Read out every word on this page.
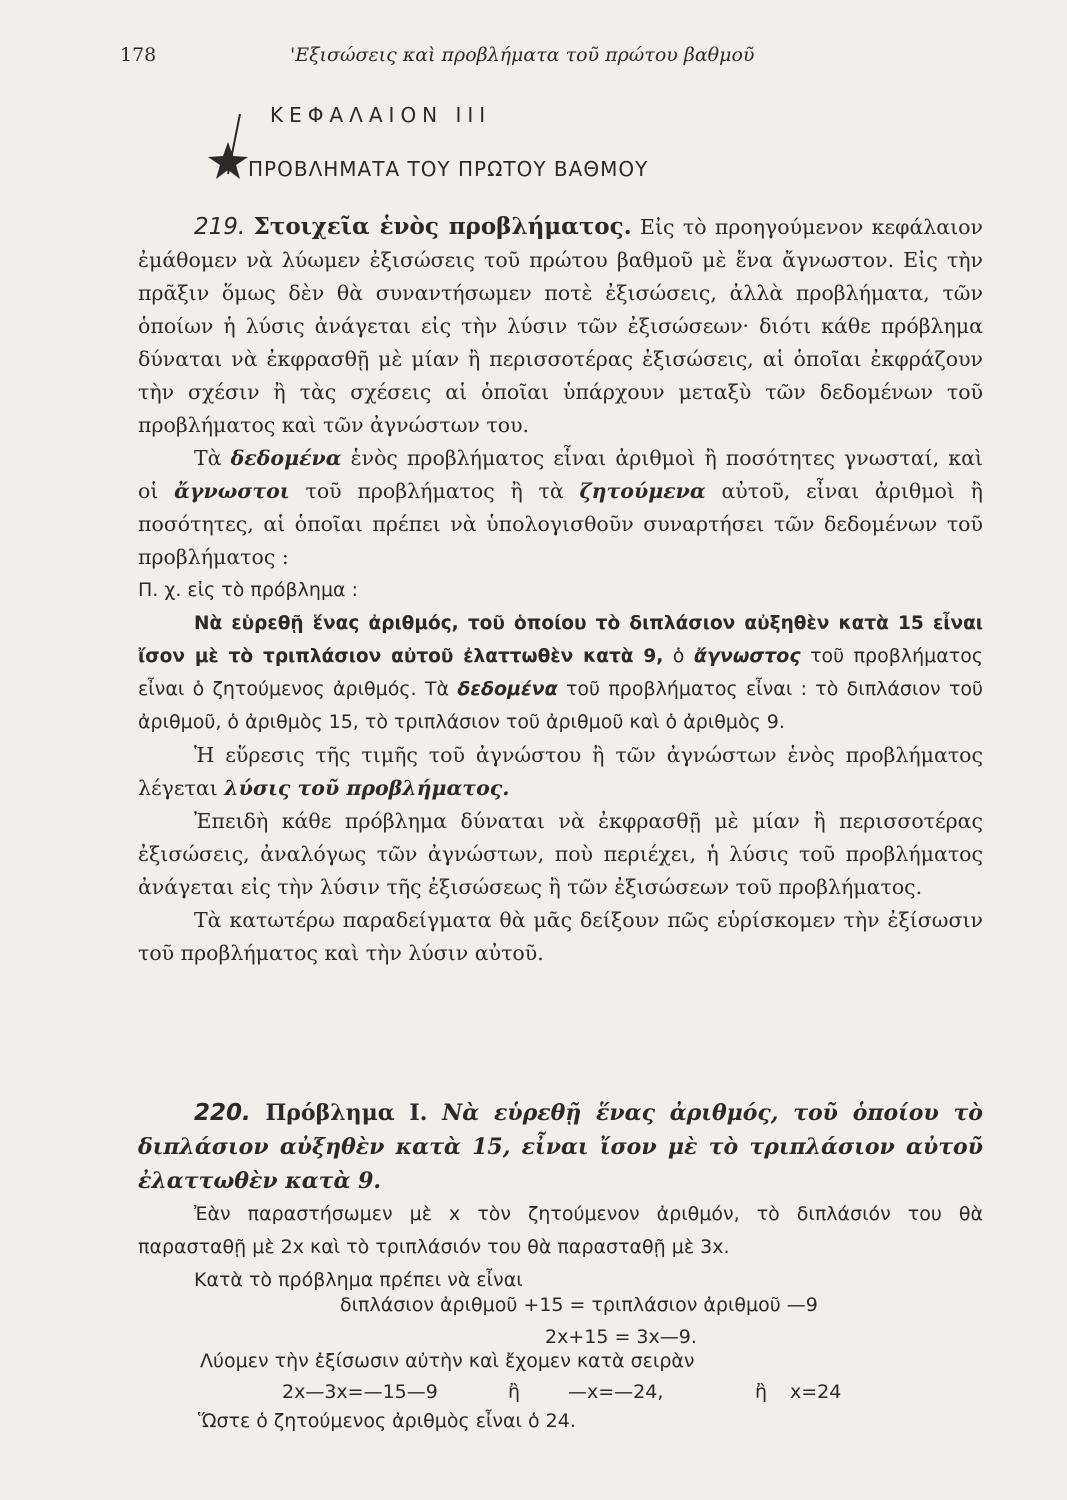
178	'Εξισώσεις καὶ προβλήματα τοῦ πρώτου βαθμοῦ
ΚΕΦΑΛΑΙΟΝ ΙΙΙ
ΠΡΟΒΛΗΜΑΤΑ ΤΟΥ ΠΡΩΤΟΥ ΒΑΘΜΟΥ

219. Στοιχεῖα ἑνὸς προβλήματος. Εἰς τὸ προηγούμενον κεφάλαιον ἐμάθομεν νὰ λύωμεν ἐξισώσεις τοῦ πρώτου βαθμοῦ μὲ ἕνα ἄγνωστον. Εἰς τὴν πρᾶξιν ὅμως δὲν θὰ συναντήσωμεν ποτὲ ἐξισώσεις, ἀλλὰ προβλήματα, τῶν ὁποίων ἡ λύσις ἀνάγεται εἰς τὴν λύσιν τῶν ἐξισώσεων· διότι κάθε πρόβλημα δύναται νὰ ἐκφρασθῇ μὲ μίαν ἢ περισσοτέρας ἐξισώσεις, αἱ ὁποῖαι ἐκφράζουν τὴν σχέσιν ἢ τὰς σχέσεις αἱ ὁποῖαι ὑπάρχουν μεταξὺ τῶν δεδομένων τοῦ προβλήματος καὶ τῶν ἀγνώστων του.

Τὰ δεδομένα ἑνὸς προβλήματος εἶναι ἀριθμοὶ ἢ ποσότητες γνωσταί, καὶ οἱ ἄγνωστοι τοῦ προβλήματος ἢ τὰ ζητούμενα αὐτοῦ, εἶναι ἀριθμοὶ ἢ ποσότητες, αἱ ὁποῖαι πρέπει νὰ ὑπολογισθοῦν συναρτήσει τῶν δεδομένων τοῦ προβλήματος :

Π. χ. εἰς τὸ πρόβλημα :

Νὰ εὑρεθῇ ἕνας ἀριθμός, τοῦ ὁποίου τὸ διπλάσιον αὐξηθὲν κατὰ 15 εἶναι ἴσον μὲ τὸ τριπλάσιον αὐτοῦ ἐλαττωθὲν κατὰ 9, ὁ ἄγνωστος τοῦ προβλήματος εἶναι ὁ ζητούμενος ἀριθμός. Τὰ δεδομένα τοῦ προβλήματος εἶναι : τὸ διπλάσιον τοῦ ἀριθμοῦ, ὁ ἀριθμὸς 15, τὸ τριπλάσιον τοῦ ἀριθμοῦ καὶ ὁ ἀριθμὸς 9.

Ἡ εὕρεσις τῆς τιμῆς τοῦ ἀγνώστου ἢ τῶν ἀγνώστων ἑνὸς προβλήματος λέγεται λύσις τοῦ προβλήματος.

Ἐπειδὴ κάθε πρόβλημα δύναται νὰ ἐκφρασθῇ μὲ μίαν ἢ περισσοτέρας ἐξισώσεις, ἀναλόγως τῶν ἀγνώστων, ποὺ περιέχει, ἡ λύσις τοῦ προβλήματος ἀνάγεται εἰς τὴν λύσιν τῆς ἐξισώσεως ἢ τῶν ἐξισώσεων τοῦ προβλήματος.

Τὰ κατωτέρω παραδείγματα θὰ μᾶς δείξουν πῶς εὑρίσκομεν τὴν ἐξίσωσιν τοῦ προβλήματος καὶ τὴν λύσιν αὐτοῦ.

220. Πρόβλημα Ι. Νὰ εὑρεθῇ ἕνας ἀριθμός, τοῦ ὁποίου τὸ διπλάσιον αὐξηθὲν κατὰ 15, εἶναι ἴσον μὲ τὸ τριπλάσιον αὐτοῦ ἐλαττωθὲν κατὰ 9.

Ἐὰν παραστήσωμεν μὲ x τὸν ζητούμενον ἀριθμόν, τὸ διπλάσιόν του θὰ παρασταθῇ μὲ 2x καὶ τὸ τριπλάσιόν του θὰ παρασταθῇ μὲ 3x.

Κατὰ τὸ πρόβλημα πρέπει νὰ εἶναι

διπλάσιον ἀριθμοῦ +15 = τριπλάσιον ἀριθμοῦ —9
2x+15 = 3x—9.
Λύομεν τὴν ἐξίσωσιν αὐτὴν καὶ ἔχομεν κατὰ σειρὰν
2x—3x=—15—9	ἢ	—x=—24,	ἢ x=24
Ὥστε ὁ ζητούμενος ἀριθμὸς εἶναι ὁ 24.
